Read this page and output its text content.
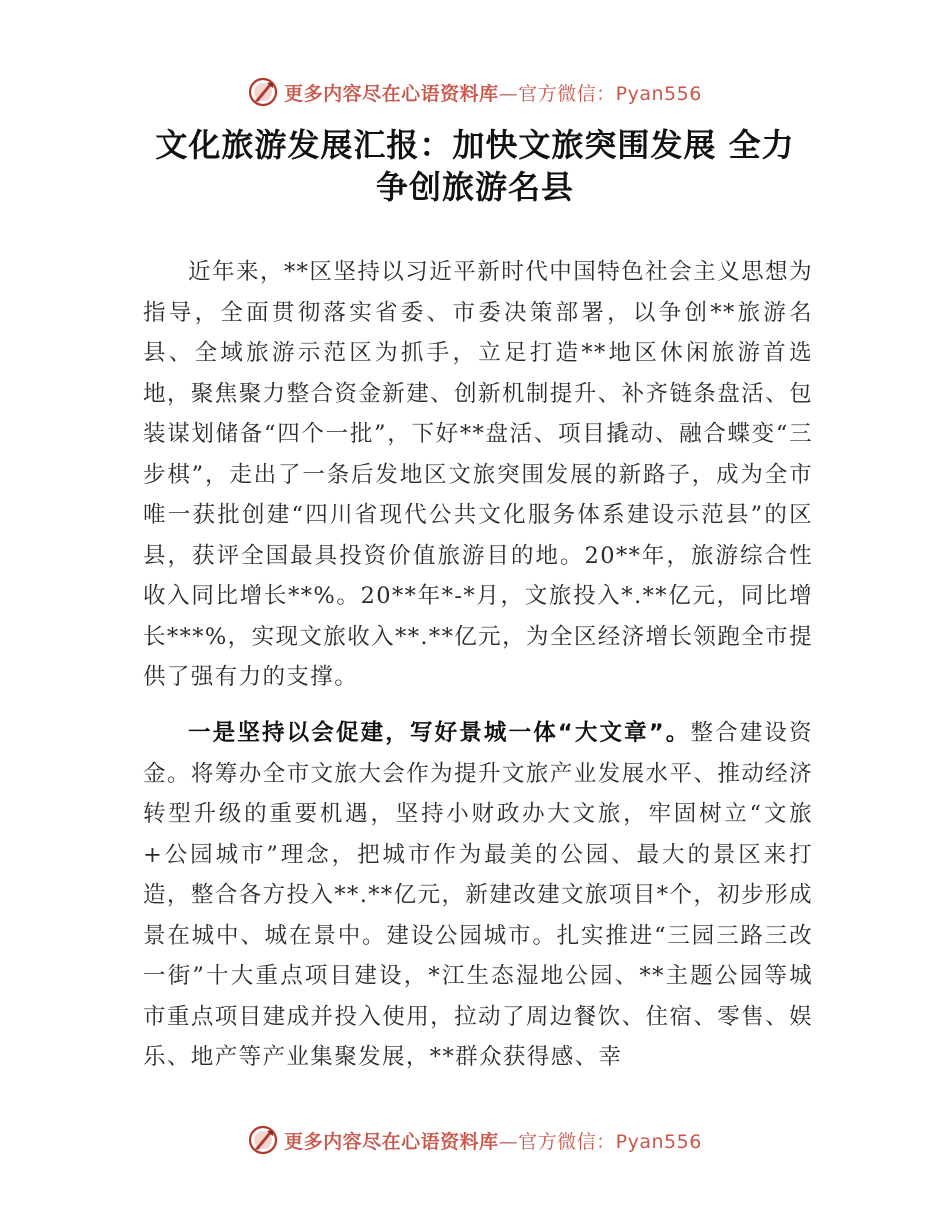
更多内容尽在心语资料库—官方微信：Pyan556
文化旅游发展汇报：加快文旅突围发展 全力
争创旅游名县

近年来，**区坚持以习近平新时代中国特色社会主义思想为指导，全面贯彻落实省委、市委决策部署，以争创**旅游名县、全域旅游示范区为抓手，立足打造**地区休闲旅游首选地，聚焦聚力整合资金新建、创新机制提升、补齐链条盘活、包装谋划储备“四个一批”，下好**盘活、项目撬动、融合蝶变“三步棋”，走出了一条后发地区文旅突围发展的新路子，成为全市唯一获批创建“四川省现代公共文化服务体系建设示范县”的区县，获评全国最具投资价值旅游目的地。20**年，旅游综合性收入同比增长**%。20**年*-*月，文旅投入*.**亿元，同比增长***%，实现文旅收入**.**亿元，为全区经济增长领跑全市提供了强有力的支撑。

一是坚持以会促建，写好景城一体“大文章”。整合建设资金。将筹办全市文旅大会作为提升文旅产业发展水平、推动经济转型升级的重要机遇，坚持小财政办大文旅，牢固树立“文旅+公园城市”理念，把城市作为最美的公园、最大的景区来打造，整合各方投入**.**亿元，新建改建文旅项目*个，初步形成景在城中、城在景中。建设公园城市。扎实推进“三园三路三改一街”十大重点项目建设，*江生态湿地公园、**主题公园等城市重点项目建成并投入使用，拉动了周边餐饮、住宿、零售、娱乐、地产等产业集聚发展，**群众获得感、幸

更多内容尽在心语资料库—官方微信：Pyan556
